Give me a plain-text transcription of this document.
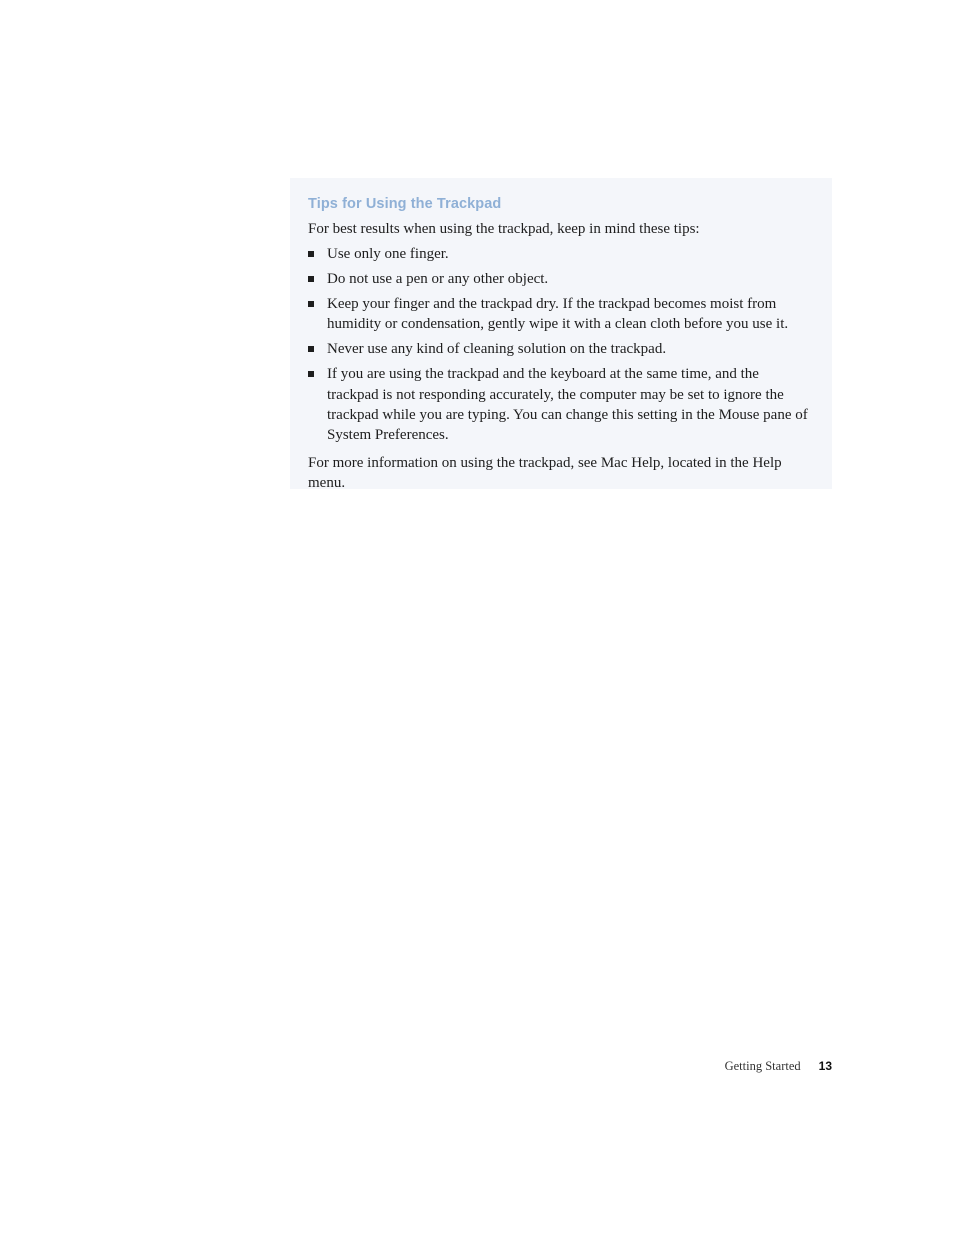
Tips for Using the Trackpad

For best results when using the trackpad, keep in mind these tips:

Use only one finger.
Do not use a pen or any other object.
Keep your finger and the trackpad dry. If the trackpad becomes moist from humidity or condensation, gently wipe it with a clean cloth before you use it.
Never use any kind of cleaning solution on the trackpad.
If you are using the trackpad and the keyboard at the same time, and the trackpad is not responding accurately, the computer may be set to ignore the trackpad while you are typing. You can change this setting in the Mouse pane of System Preferences.

For more information on using the trackpad, see Mac Help, located in the Help menu.

Getting Started 13
